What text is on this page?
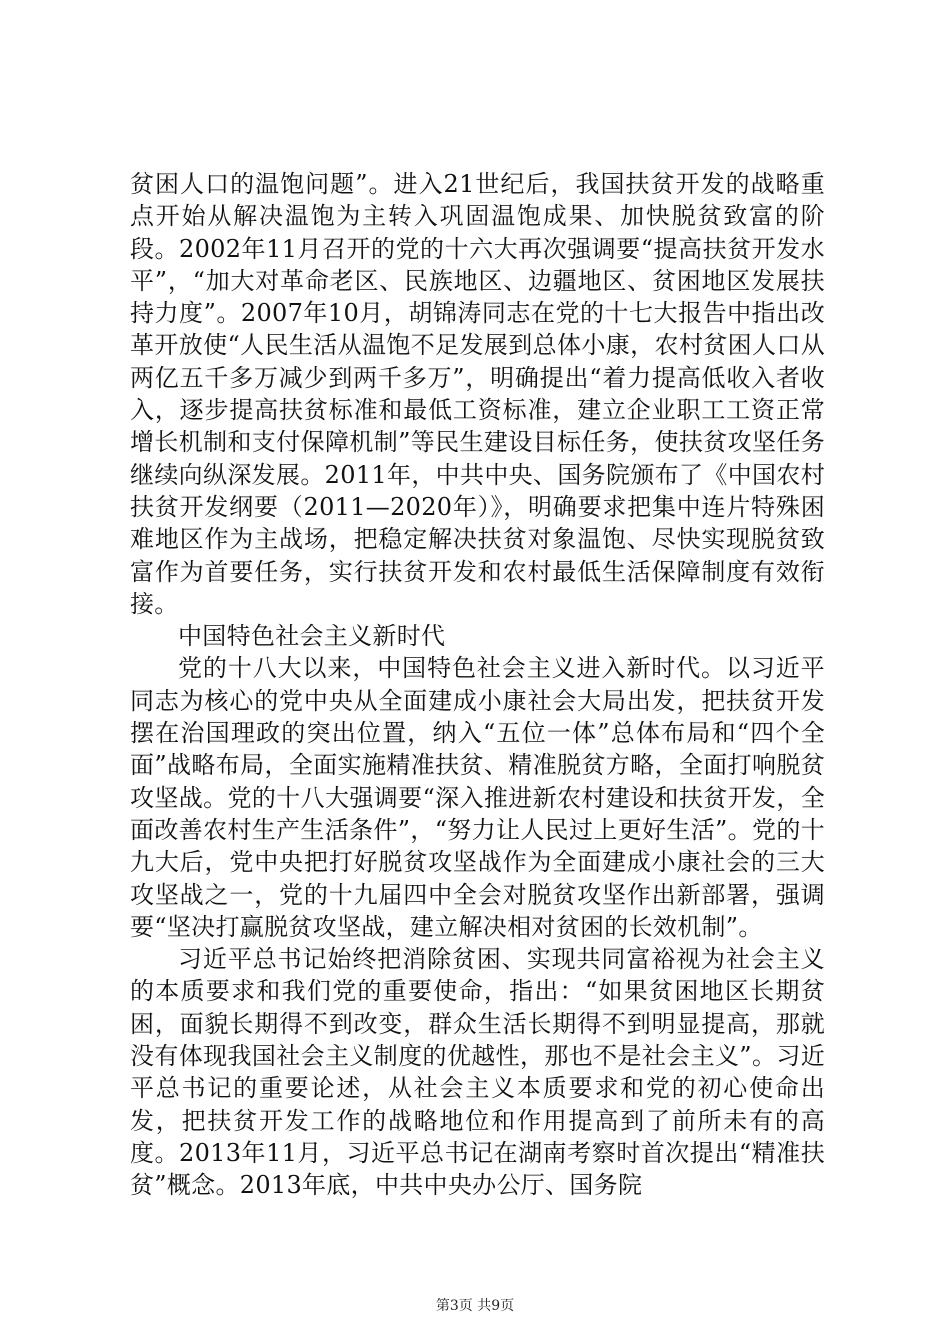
贫困人口的温饱问题”。进入21世纪后，我国扶贫开发的战略重点开始从解决温饱为主转入巩固温饱成果、加快脱贫致富的阶段。2002年11月召开的党的十六大再次强调要“提高扶贫开发水平”，“加大对革命老区、民族地区、边疆地区、贫困地区发展扶持力度”。2007年10月，胡锦涛同志在党的十七大报告中指出改革开放使“人民生活从温饱不足发展到总体小康，农村贫困人口从两亿五千多万减少到两千多万”，明确提出“着力提高低收入者收入，逐步提高扶贫标准和最低工资标准，建立企业职工工资正常增长机制和支付保障机制”等民生建设目标任务，使扶贫攻坚任务继续向纵深发展。2011年，中共中央、国务院颁布了《中国农村扶贫开发纲要（2011—2020年）》，明确要求把集中连片特殊困难地区作为主战场，把稳定解决扶贫对象温饱、尽快实现脱贫致富作为首要任务，实行扶贫开发和农村最低生活保障制度有效衔接。

中国特色社会主义新时代

党的十八大以来，中国特色社会主义进入新时代。以习近平同志为核心的党中央从全面建成小康社会大局出发，把扶贫开发摆在治国理政的突出位置，纳入“五位一体”总体布局和“四个全面”战略布局，全面实施精准扶贫、精准脱贫方略，全面打响脱贫攻坚战。党的十八大强调要“深入推进新农村建设和扶贫开发，全面改善农村生产生活条件”，“努力让人民过上更好生活”。党的十九大后，党中央把打好脱贫攻坚战作为全面建成小康社会的三大攻坚战之一，党的十九届四中全会对脱贫攻坚作出新部署，强调要“坚决打赢脱贫攻坚战，建立解决相对贫困的长效机制”。

习近平总书记始终把消除贫困、实现共同富裕视为社会主义的本质要求和我们党的重要使命，指出：“如果贫困地区长期贫困，面貌长期得不到改变，群众生活长期得不到明显提高，那就没有体现我国社会主义制度的优越性，那也不是社会主义”。习近平总书记的重要论述，从社会主义本质要求和党的初心使命出发，把扶贫开发工作的战略地位和作用提高到了前所未有的高度。2013年11月，习近平总书记在湖南考察时首次提出“精准扶贫”概念。2013年底，中共中央办公厅、国务院

第3页 共9页
